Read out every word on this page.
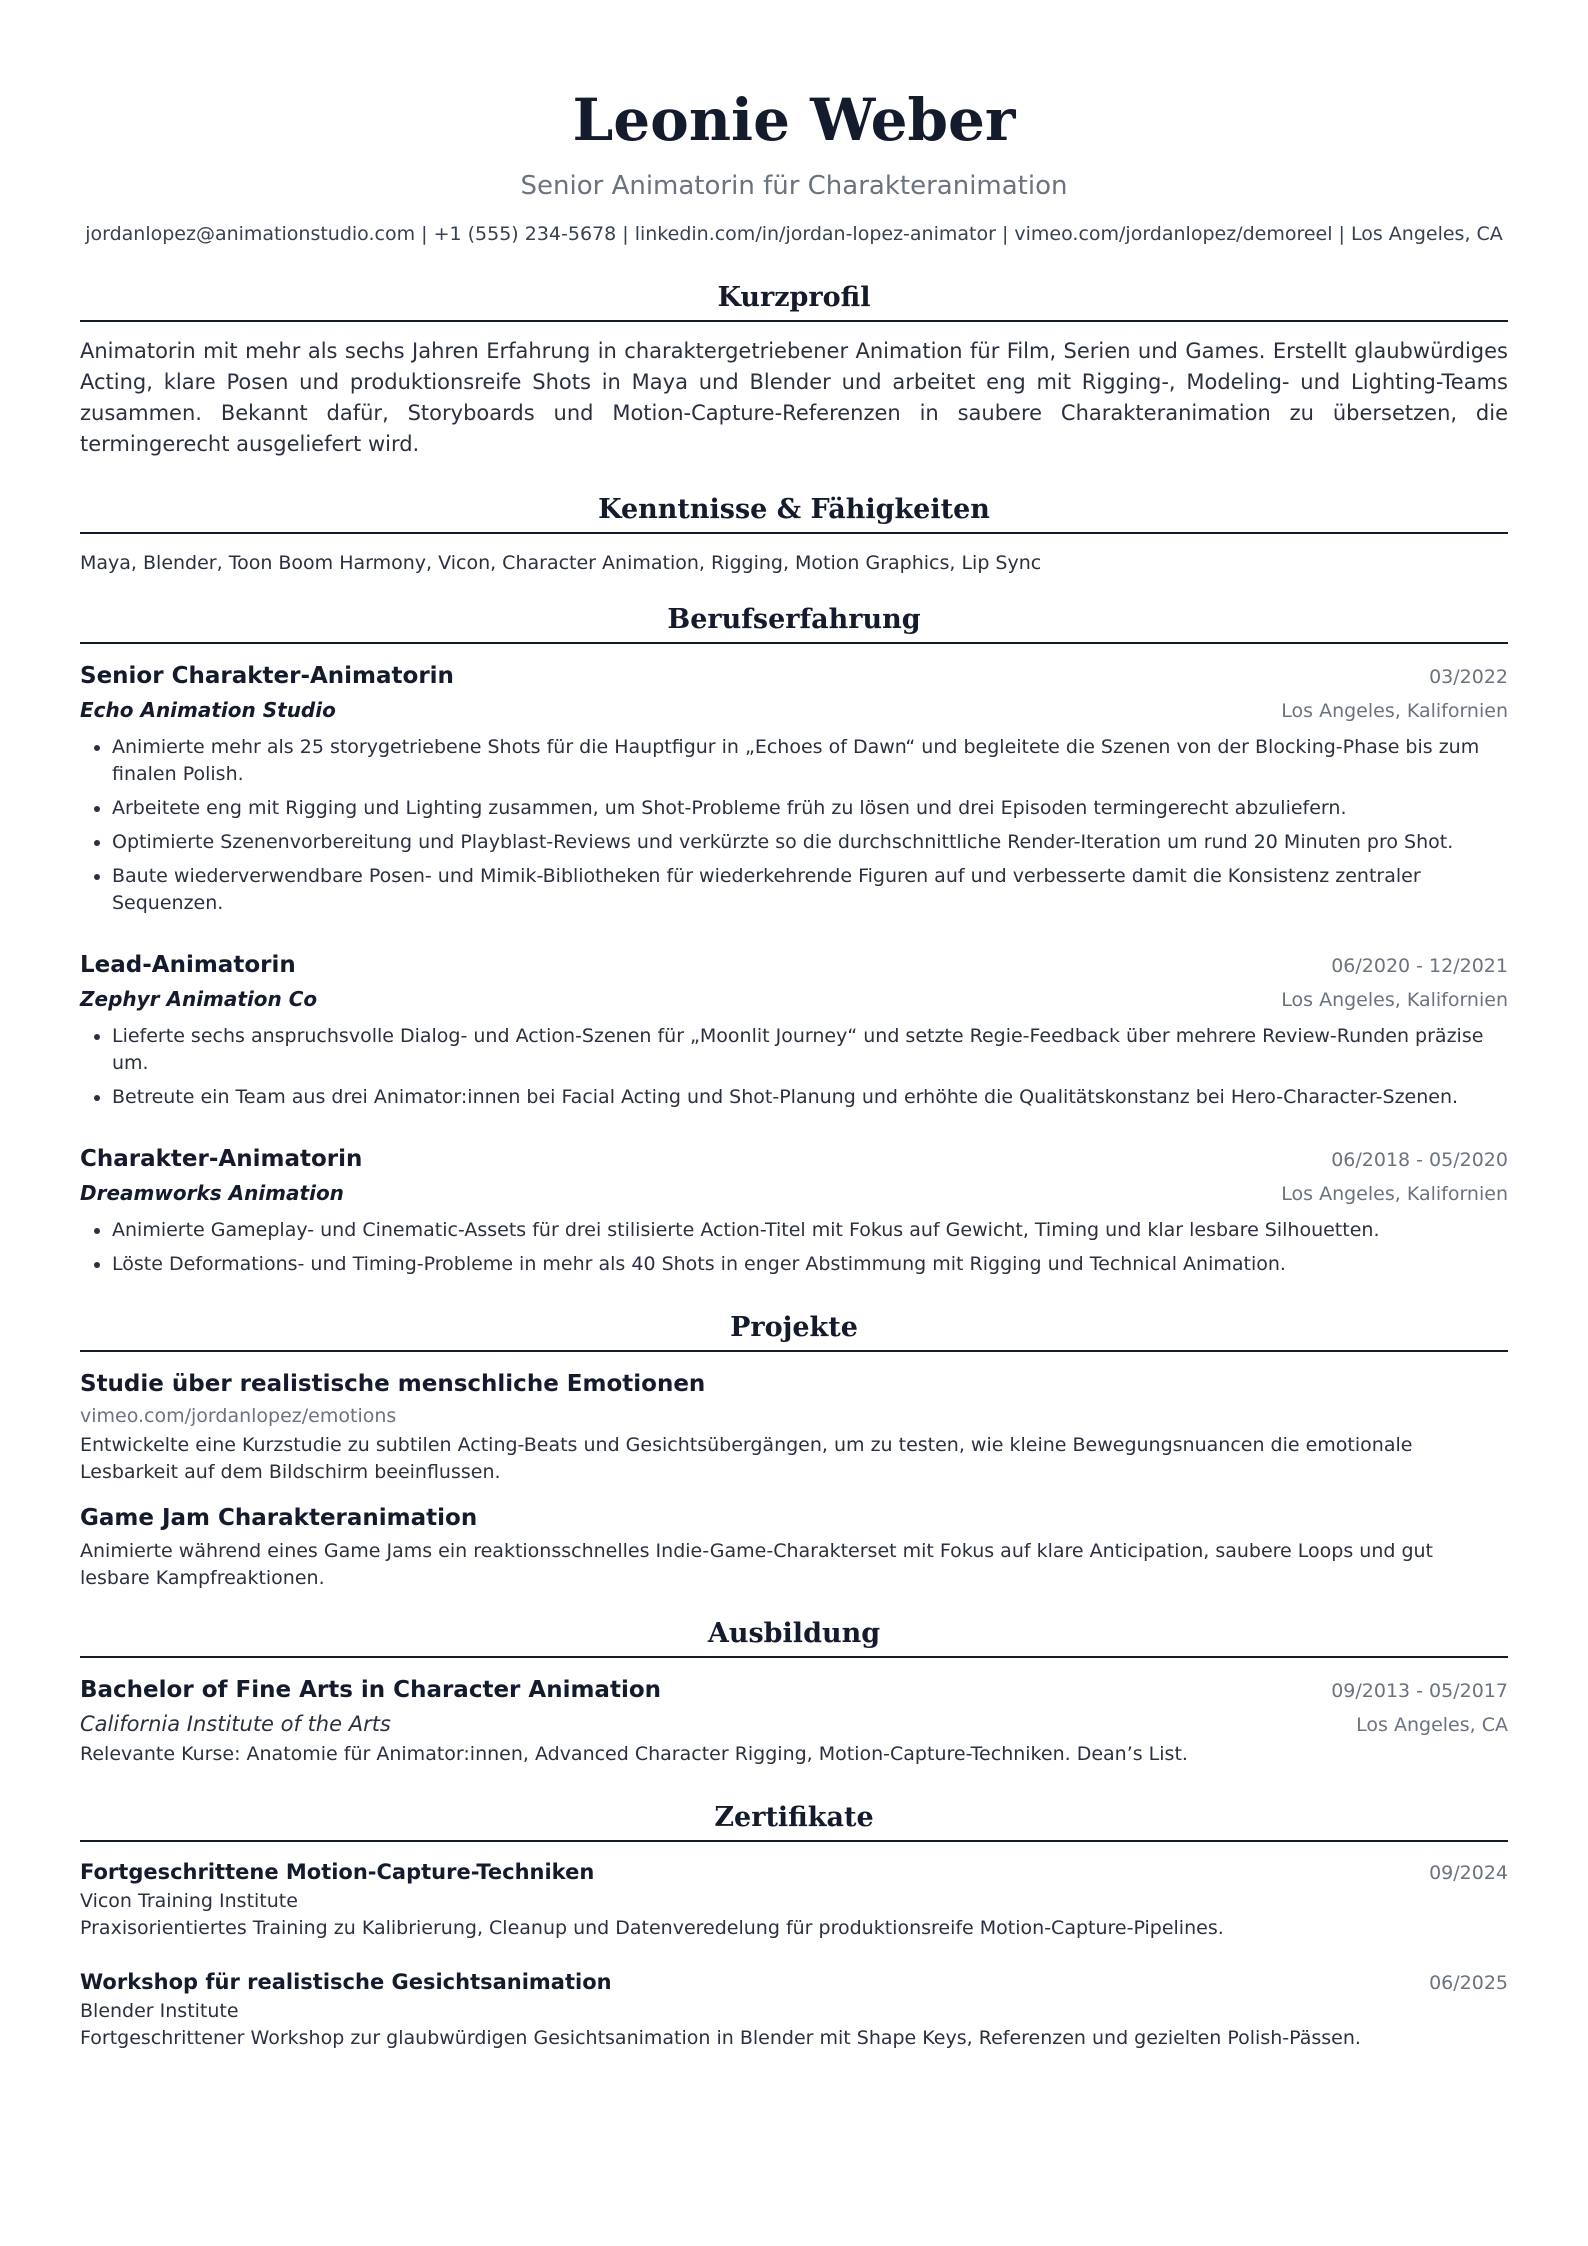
Leonie Weber
Senior Animatorin für Charakteranimation
jordanlopez@animationstudio.com | +1 (555) 234-5678 | linkedin.com/in/jordan-lopez-animator | vimeo.com/jordanlopez/demoreel | Los Angeles, CA
Kurzprofil

Animatorin mit mehr als sechs Jahren Erfahrung in charaktergetriebener Animation für Film, Serien und Games. Erstellt glaubwürdiges Acting, klare Posen und produktionsreife Shots in Maya und Blender und arbeitet eng mit Rigging-, Modeling- und Lighting-Teams zusammen. Bekannt dafür, Storyboards und Motion-Capture-Referenzen in saubere Charakteranimation zu übersetzen, die termingerecht ausgeliefert wird.

Kenntnisse & Fähigkeiten
Maya, Blender, Toon Boom Harmony, Vicon, Character Animation, Rigging, Motion Graphics, Lip Sync
Berufserfahrung
Senior Charakter-Animatorin	03/2022
Echo Animation Studio	Los Angeles, Kalifornien
• Animierte mehr als 25 storygetriebene Shots für die Hauptfigur in „Echoes of Dawn“ und begleitete die Szenen von der Blocking-Phase bis zum finalen Polish.
• Arbeitete eng mit Rigging und Lighting zusammen, um Shot-Probleme früh zu lösen und drei Episoden termingerecht abzuliefern.
• Optimierte Szenenvorbereitung und Playblast-Reviews und verkürzte so die durchschnittliche Render-Iteration um rund 20 Minuten pro Shot.
• Baute wiederverwendbare Posen- und Mimik-Bibliotheken für wiederkehrende Figuren auf und verbesserte damit die Konsistenz zentraler Sequenzen.
Lead-Animatorin	06/2020 - 12/2021
Zephyr Animation Co	Los Angeles, Kalifornien
• Lieferte sechs anspruchsvolle Dialog- und Action-Szenen für „Moonlit Journey“ und setzte Regie-Feedback über mehrere Review-Runden präzise um.
• Betreute ein Team aus drei Animator:innen bei Facial Acting und Shot-Planung und erhöhte die Qualitätskonstanz bei Hero-Character-Szenen.
Charakter-Animatorin	06/2018 - 05/2020
Dreamworks Animation	Los Angeles, Kalifornien
• Animierte Gameplay- und Cinematic-Assets für drei stilisierte Action-Titel mit Fokus auf Gewicht, Timing und klar lesbare Silhouetten.
• Löste Deformations- und Timing-Probleme in mehr als 40 Shots in enger Abstimmung mit Rigging und Technical Animation.
Projekte
Studie über realistische menschliche Emotionen
vimeo.com/jordanlopez/emotions
Entwickelte eine Kurzstudie zu subtilen Acting-Beats und Gesichtsübergängen, um zu testen, wie kleine Bewegungsnuancen die emotionale Lesbarkeit auf dem Bildschirm beeinflussen.
Game Jam Charakteranimation
Animierte während eines Game Jams ein reaktionsschnelles Indie-Game-Charakterset mit Fokus auf klare Anticipation, saubere Loops und gut lesbare Kampfreaktionen.
Ausbildung
Bachelor of Fine Arts in Character Animation	09/2013 - 05/2017
California Institute of the Arts	Los Angeles, CA
Relevante Kurse: Anatomie für Animator:innen, Advanced Character Rigging, Motion-Capture-Techniken. Dean’s List.
Zertifikate
Fortgeschrittene Motion-Capture-Techniken	09/2024
Vicon Training Institute
Praxisorientiertes Training zu Kalibrierung, Cleanup und Datenveredelung für produktionsreife Motion-Capture-Pipelines.
Workshop für realistische Gesichtsanimation	06/2025
Blender Institute
Fortgeschrittener Workshop zur glaubwürdigen Gesichtsanimation in Blender mit Shape Keys, Referenzen und gezielten Polish-Pässen.
